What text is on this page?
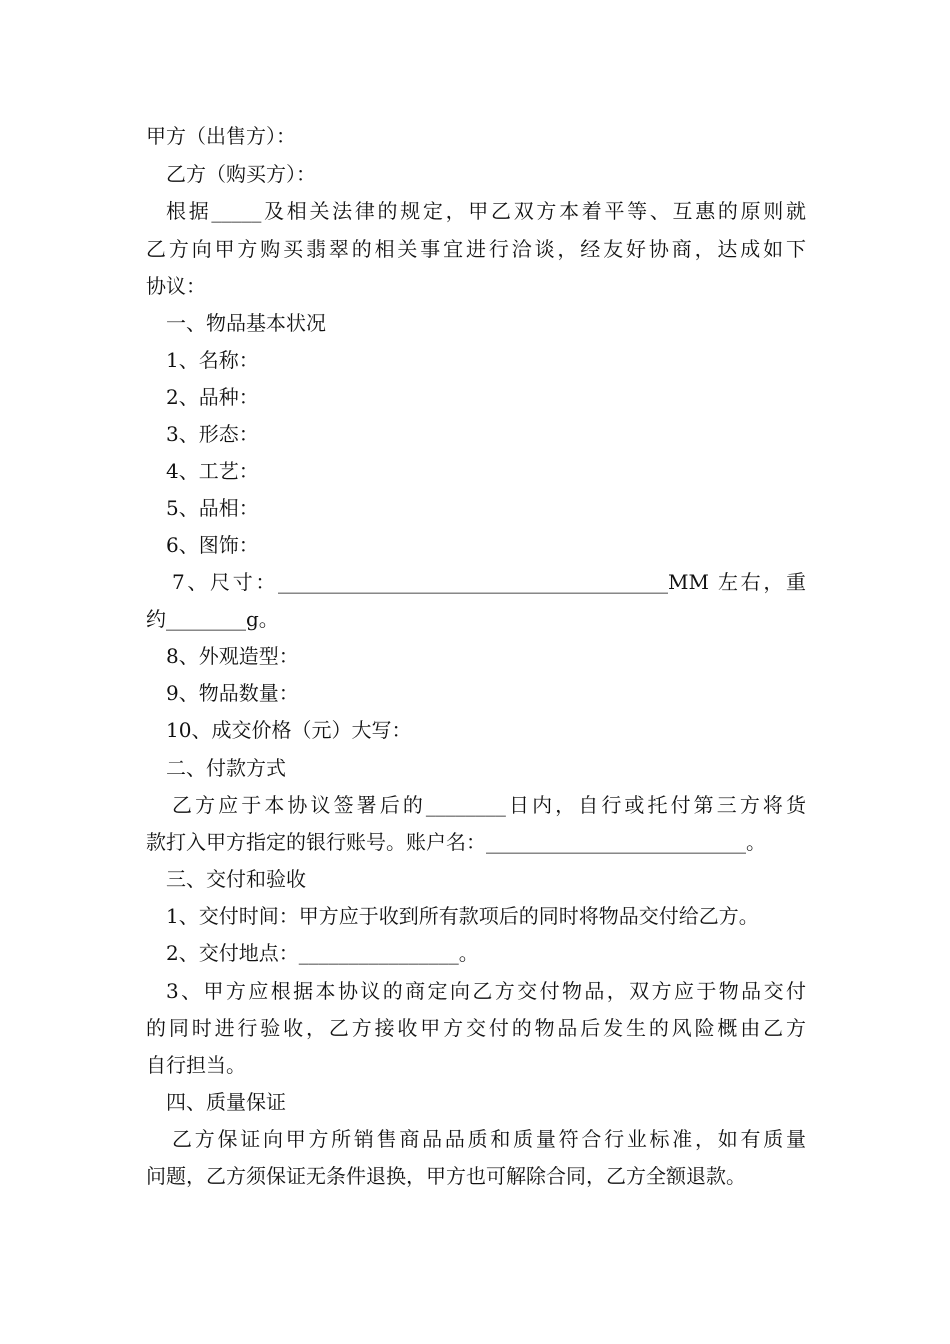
甲方（出售方）：
乙方（购买方）：
根据_____及相关法律的规定，甲乙双方本着平等、互惠的原则就
乙方向甲方购买翡翠的相关事宜进行洽谈，经友好协商，达成如下
协议：
一、物品基本状况
1、名称：
2、品种：
3、形态：
4、工艺：
5、品相：
6、图饰：
7、尺寸：_______________________________________MM 左右，重
约________g。
8、外观造型：
9、物品数量：
10、成交价格（元）大写：
二、付款方式
乙方应于本协议签署后的________日内，自行或托付第三方将货
款打入甲方指定的银行账号。账户名：__________________________。
三、交付和验收
1、交付时间：甲方应于收到所有款项后的同时将物品交付给乙方。
2、交付地点：________________。
3、甲方应根据本协议的商定向乙方交付物品，双方应于物品交付
的同时进行验收，乙方接收甲方交付的物品后发生的风险概由乙方
自行担当。
四、质量保证
乙方保证向甲方所销售商品品质和质量符合行业标准，如有质量
问题，乙方须保证无条件退换，甲方也可解除合同，乙方全额退款。
